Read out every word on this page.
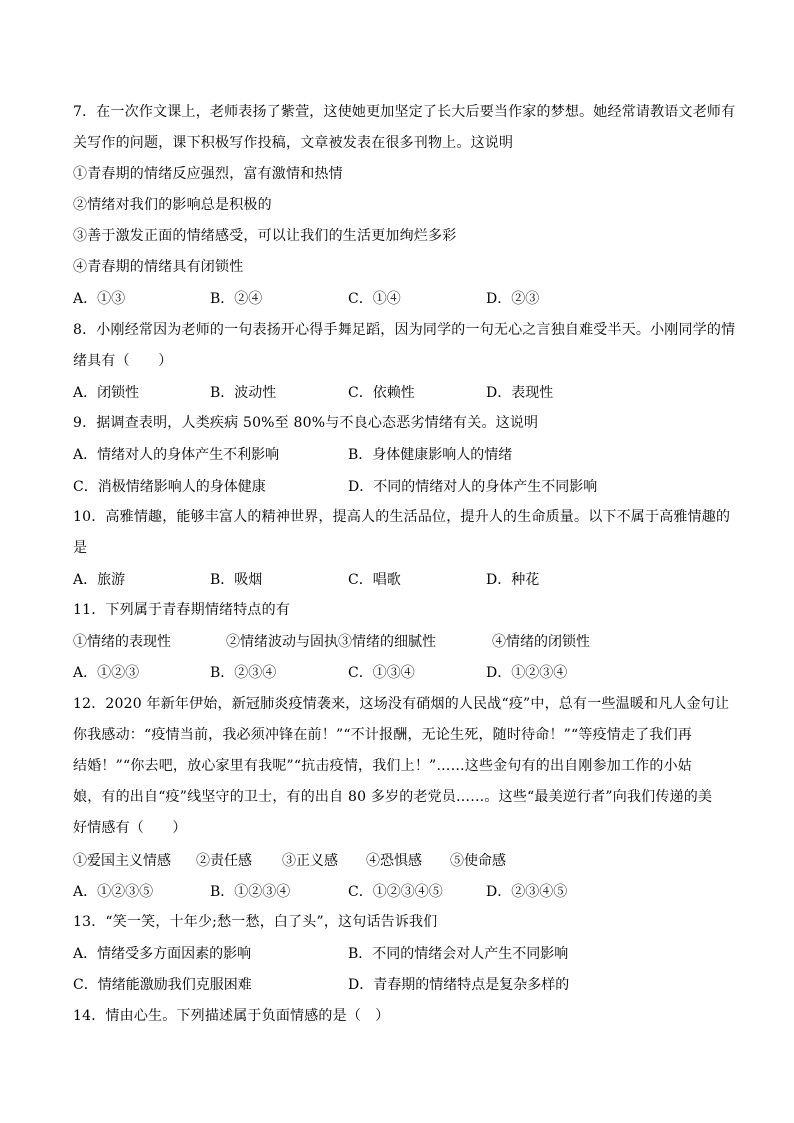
7．在一次作文课上，老师表扬了紫萱，这使她更加坚定了长大后要当作家的梦想。她经常请教语文老师有
关写作的问题，课下积极写作投稿，文章被发表在很多刊物上。这说明
①青春期的情绪反应强烈，富有激情和热情
②情绪对我们的影响总是积极的
③善于激发正面的情绪感受，可以让我们的生活更加绚烂多彩
④青春期的情绪具有闭锁性
A．①③	B．②④	C．①④	D．②③
8．小刚经常因为老师的一句表扬开心得手舞足蹈，因为同学的一句无心之言独自难受半天。小刚同学的情
绪具有（　　）
A．闭锁性	B．波动性	C．依赖性	D．表现性
9．据调查表明，人类疾病 50%至 80%与不良心态恶劣情绪有关。这说明
A．情绪对人的身体产生不利影响	B．身体健康影响人的情绪
C．消极情绪影响人的身体健康	D．不同的情绪对人的身体产生不同影响
10．高雅情趣，能够丰富人的精神世界，提高人的生活品位，提升人的生命质量。以下不属于高雅情趣的
是
A．旅游	B．吸烟	C．唱歌	D．种花
11．下列属于青春期情绪特点的有
①情绪的表现性	②情绪波动与固执 ③情绪的细腻性	④情绪的闭锁性
A．①②③	B．②③④	C．①③④	D．①②③④
12．2020 年新年伊始，新冠肺炎疫情袭来，这场没有硝烟的人民战“疫”中，总有一些温暖和凡人金句让
你我感动：“疫情当前，我必须冲锋在前！”“不计报酬，无论生死，随时待命！”“等疫情走了我们再
结婚！”“你去吧，放心家里有我呢”“抗击疫情，我们上！”……这些金句有的出自刚参加工作的小姑
娘，有的出自“疫”线坚守的卫士，有的出自 80 多岁的老党员……。这些“最美逆行者”向我们传递的美
好情感有（　　）
①爱国主义情感 ②责任感 ③正义感 ④恐惧感 ⑤使命感
A．①②③⑤	B．①②③④	C．①②③④⑤	D．②③④⑤
13．“笑一笑，十年少;愁一愁，白了头”，这句话告诉我们
A．情绪受多方面因素的影响	B．不同的情绪会对人产生不同影响
C．情绪能激励我们克服困难	D．青春期的情绪特点是复杂多样的
14．情由心生。下列描述属于负面情感的是（　）
